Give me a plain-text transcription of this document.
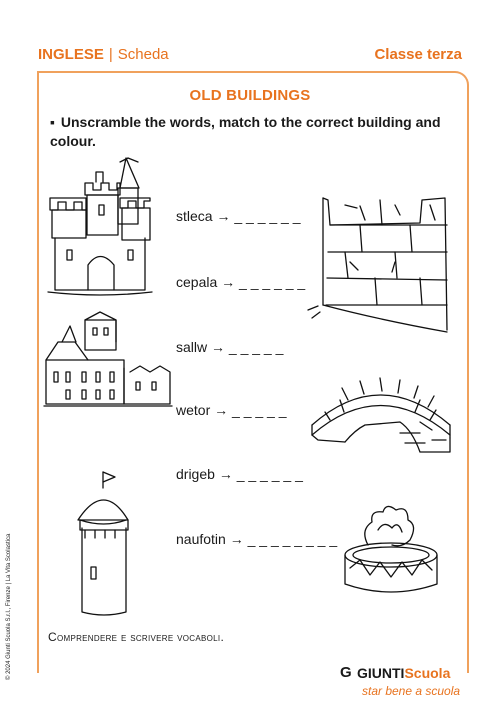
INGLESE | Scheda	Classe terza
OLD BUILDINGS
▪ Unscramble the words, match to the correct building and colour.
stleca → _ _ _ _ _ _
cepala → _ _ _ _ _ _
sallw → _ _ _ _ _
wetor → _ _ _ _ _
drigeb → _ _ _ _ _ _
naufotin → _ _ _ _ _ _ _ _
Comprendere e scrivere vocaboli.
© 2024 Giunti Scuola S.r.l., Firenze | La Vita Scolastica	G GIUNTIScuola
star bene a scuola
